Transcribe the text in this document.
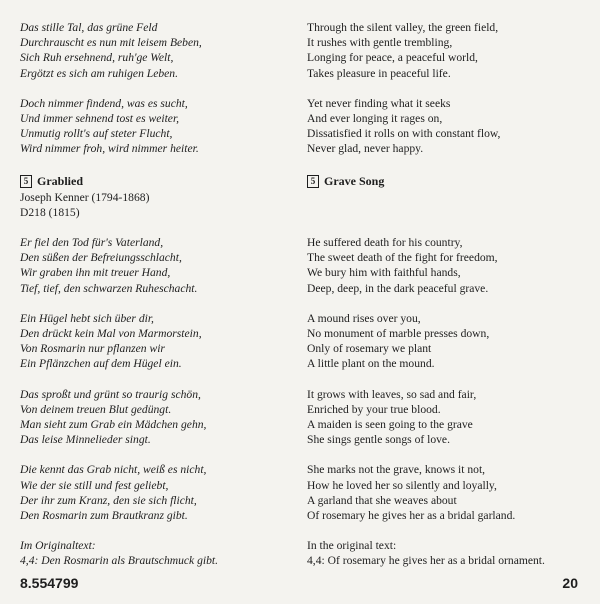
Das stille Tal, das grüne Feld
Durchrauscht es nun mit leisem Beben,
Sich Ruh ersehnend, ruh'ge Welt,
Ergötzt es sich am ruhigen Leben.
Doch nimmer findend, was es sucht,
Und immer sehnend tost es weiter,
Unmutig rollt's auf steter Flucht,
Wird nimmer froh, wird nimmer heiter.
5 Grablied
Joseph Kenner (1794-1868)
D218 (1815)
Er fiel den Tod für's Vaterland,
Den süßen der Befreiungsschlacht,
Wir graben ihn mit treuer Hand,
Tief, tief, den schwarzen Ruheschacht.
Ein Hügel hebt sich über dir,
Den drückt kein Mal von Marmorstein,
Von Rosmarin nur pflanzen wir
Ein Pflänzchen auf dem Hügel ein.
Das sproßt und grünt so traurig schön,
Von deinem treuen Blut gedüngt.
Man sieht zum Grab ein Mädchen gehn,
Das leise Minnelieder singt.
Die kennt das Grab nicht, weiß es nicht,
Wie der sie still und fest geliebt,
Der ihr zum Kranz, den sie sich flicht,
Den Rosmarin zum Brautkranz gibt.
Im Originaltext:
4,4: Den Rosmarin als Brautschmuck gibt.
Through the silent valley, the green field,
It rushes with gentle trembling,
Longing for peace, a peaceful world,
Takes pleasure in peaceful life.
Yet never finding what it seeks
And ever longing it rages on,
Dissatisfied it rolls on with constant flow,
Never glad, never happy.
5 Grave Song
He suffered death for his country,
The sweet death of the fight for freedom,
We bury him with faithful hands,
Deep, deep, in the dark peaceful grave.
A mound rises over you,
No monument of marble presses down,
Only of rosemary we plant
A little plant on the mound.
It grows with leaves, so sad and fair,
Enriched by your true blood.
A maiden is seen going to the grave
She sings gentle songs of love.
She marks not the grave, knows it not,
How he loved her so silently and loyally,
A garland that she weaves about
Of rosemary he gives her as a bridal garland.
In the original text:
4,4: Of rosemary he gives her as a bridal ornament.
8.554799	20
